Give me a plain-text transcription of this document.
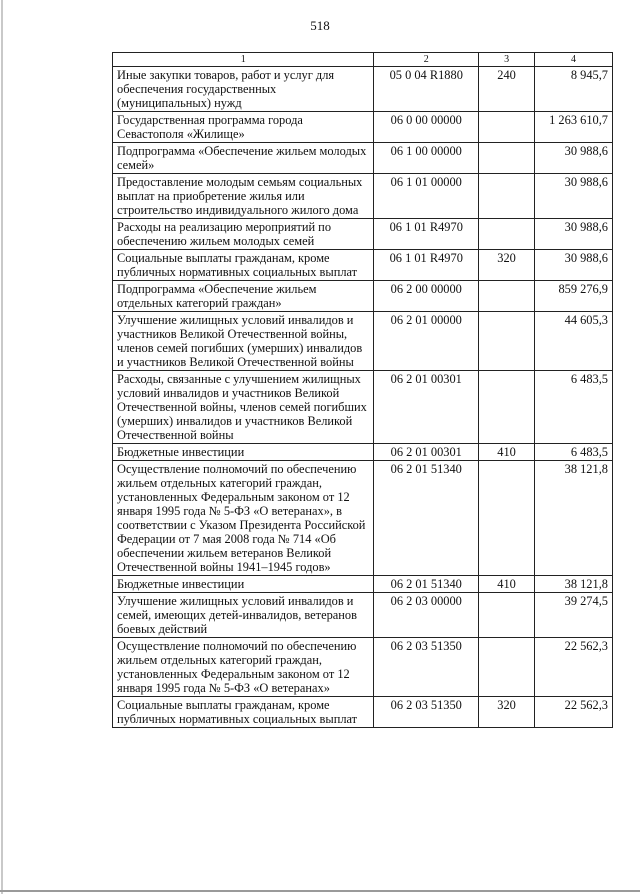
518
1	2	3	4
Иные закупки товаров, работ и услуг для обеспечения государственных (муниципальных) нужд	05 0 04 R1880	240	8 945,7
Государственная программа города Севастополя «Жилище»	06 0 00 00000		1 263 610,7
Подпрограмма «Обеспечение жильем молодых семей»	06 1 00 00000		30 988,6
Предоставление молодым семьям социальных выплат на приобретение жилья или строительство индивидуального жилого дома	06 1 01 00000		30 988,6
Расходы на реализацию мероприятий по обеспечению жильем молодых семей	06 1 01 R4970		30 988,6
Социальные выплаты гражданам, кроме публичных нормативных социальных выплат	06 1 01 R4970	320	30 988,6
Подпрограмма «Обеспечение жильем отдельных категорий граждан»	06 2 00 00000		859 276,9
Улучшение жилищных условий инвалидов и участников Великой Отечественной войны, членов семей погибших (умерших) инвалидов и участников Великой Отечественной войны	06 2 01 00000		44 605,3
Расходы, связанные с улучшением жилищных условий инвалидов и участников Великой Отечественной войны, членов семей погибших (умерших) инвалидов и участников Великой Отечественной войны	06 2 01 00301		6 483,5
Бюджетные инвестиции	06 2 01 00301	410	6 483,5
Осуществление полномочий по обеспечению жильем отдельных категорий граждан, установленных Федеральным законом от 12 января 1995 года № 5-ФЗ «О ветеранах», в соответствии с Указом Президента Российской Федерации от 7 мая 2008 года № 714 «Об обеспечении жильем ветеранов Великой Отечественной войны 1941–1945 годов»	06 2 01 51340		38 121,8
Бюджетные инвестиции	06 2 01 51340	410	38 121,8
Улучшение жилищных условий инвалидов и семей, имеющих детей-инвалидов, ветеранов боевых действий	06 2 03 00000		39 274,5
Осуществление полномочий по обеспечению жильем отдельных категорий граждан, установленных Федеральным законом от 12 января 1995 года № 5-ФЗ «О ветеранах»	06 2 03 51350		22 562,3
Социальные выплаты гражданам, кроме публичных нормативных социальных выплат	06 2 03 51350	320	22 562,3
